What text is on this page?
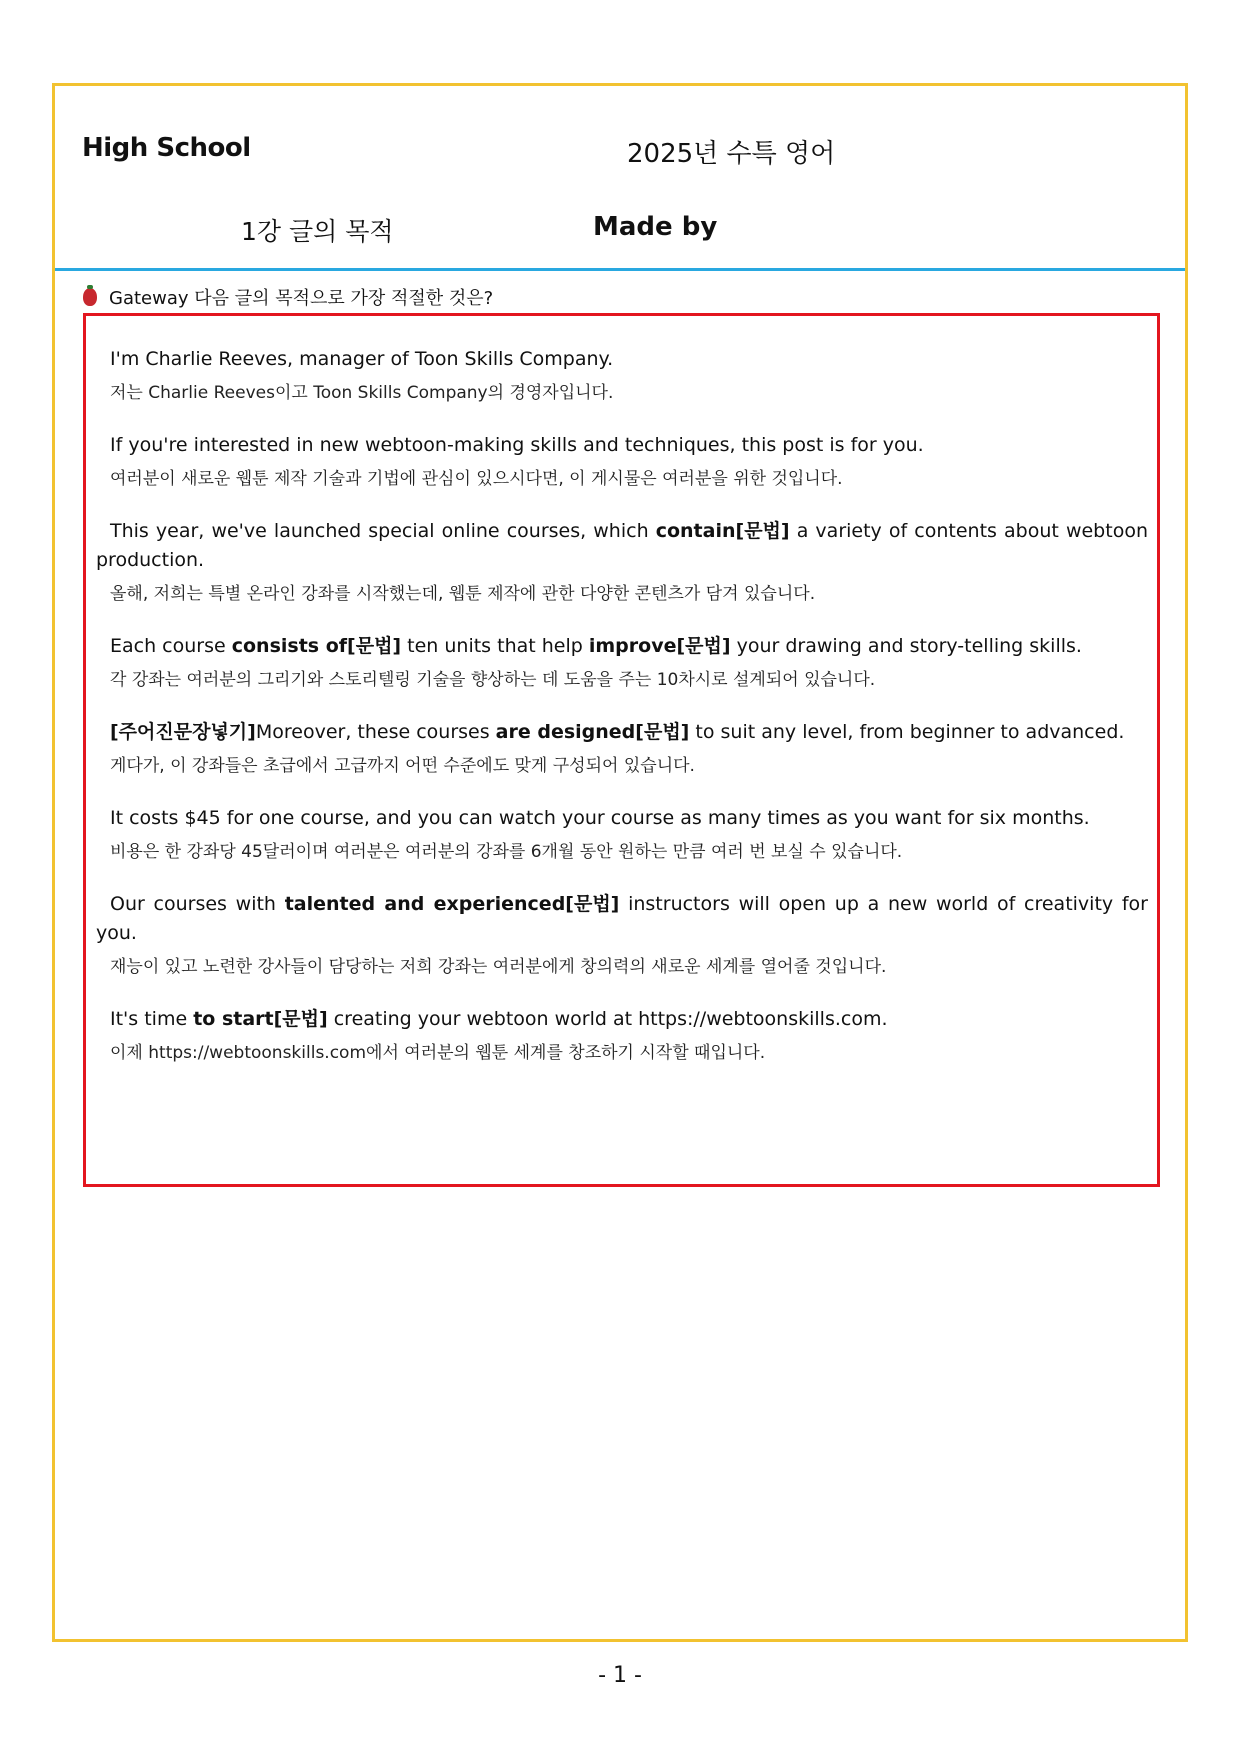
High School	2025년 수특 영어
1강 글의 목적	Made by
Gateway 다음 글의 목적으로 가장 적절한 것은?
I'm Charlie Reeves, manager of Toon Skills Company.
저는 Charlie Reeves이고 Toon Skills Company의 경영자입니다.
If you're interested in new webtoon-making skills and techniques, this post is for you.
여러분이 새로운 웹툰 제작 기술과 기법에 관심이 있으시다면, 이 게시물은 여러분을 위한 것입니다.
This year, we've launched special online courses, which contain[문법] a variety of contents about webtoon production.
올해, 저희는 특별 온라인 강좌를 시작했는데, 웹툰 제작에 관한 다양한 콘텐츠가 담겨 있습니다.
Each course consists of[문법] ten units that help improve[문법] your drawing and story-telling skills.
각 강좌는 여러분의 그리기와 스토리텔링 기술을 향상하는 데 도움을 주는 10차시로 설계되어 있습니다.
[주어진문장넣기]Moreover, these courses are designed[문법] to suit any level, from beginner to advanced.
게다가, 이 강좌들은 초급에서 고급까지 어떤 수준에도 맞게 구성되어 있습니다.
It costs $45 for one course, and you can watch your course as many times as you want for six months.
비용은 한 강좌당 45달러이며 여러분은 여러분의 강좌를 6개월 동안 원하는 만큼 여러 번 보실 수 있습니다.
Our courses with talented and experienced[문법] instructors will open up a new world of creativity for you.
재능이 있고 노련한 강사들이 담당하는 저희 강좌는 여러분에게 창의력의 새로운 세계를 열어줄 것입니다.
It's time to start[문법] creating your webtoon world at https://webtoonskills.com.
이제 https://webtoonskills.com에서 여러분의 웹툰 세계를 창조하기 시작할 때입니다.
- 1 -
